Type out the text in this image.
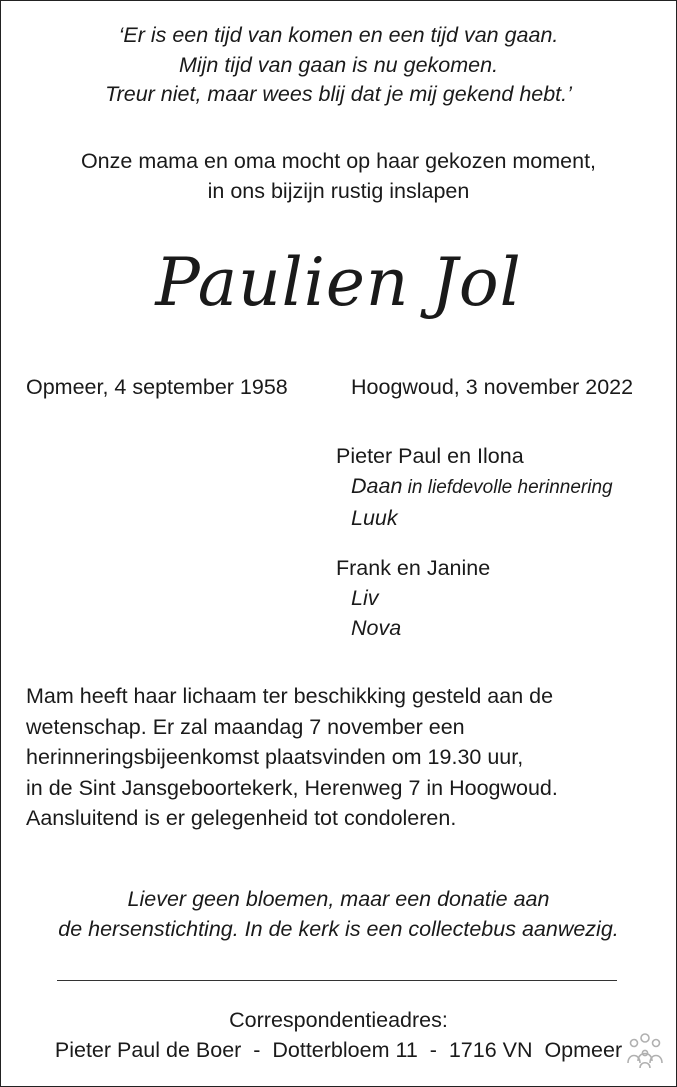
‘Er is een tijd van komen en een tijd van gaan.
Mijn tijd van gaan is nu gekomen.
Treur niet, maar wees blij dat je mij gekend hebt.’
Onze mama en oma mocht op haar gekozen moment,
in ons bijzijn rustig inslapen
Paulien Jol
Opmeer, 4 september 1958	Hoogwoud, 3 november 2022
Pieter Paul en Ilona
Daan in liefdevolle herinnering
Luuk
Frank en Janine
Liv
Nova
Mam heeft haar lichaam ter beschikking gesteld aan de
wetenschap. Er zal maandag 7 november een
herinneringsbijeenkomst plaatsvinden om 19.30 uur,
in de Sint Jansgeboortekerk, Herenweg 7 in Hoogwoud.
Aansluitend is er gelegenheid tot condoleren.
Liever geen bloemen, maar een donatie aan
de hersenstichting. In de kerk is een collectebus aanwezig.
Correspondentieadres:
Pieter Paul de Boer  -  Dotterbloem 11  -  1716 VN  Opmeer
